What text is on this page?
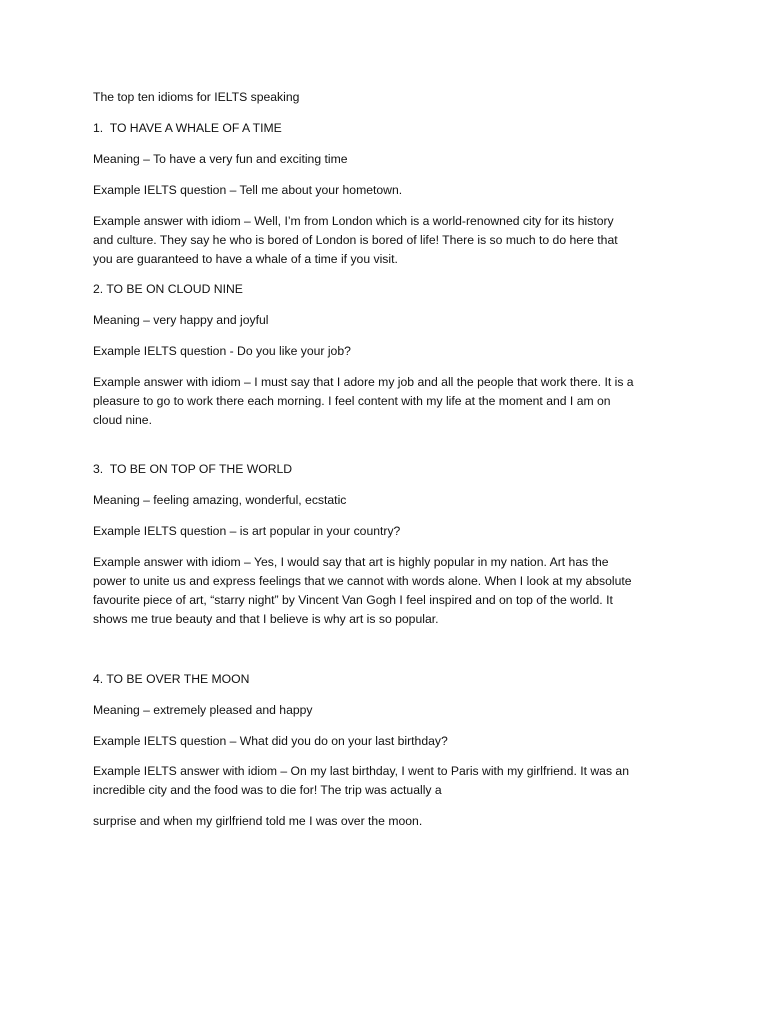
The top ten idioms for IELTS speaking

1.  TO HAVE A WHALE OF A TIME

Meaning – To have a very fun and exciting time

Example IELTS question – Tell me about your hometown.

Example answer with idiom – Well, I’m from London which is a world-renowned city for its history

and culture. They say he who is bored of London is bored of life! There is so much to do here that

you are guaranteed to have a whale of a time if you visit.

2. TO BE ON CLOUD NINE

Meaning – very happy and joyful

Example IELTS question - Do you like your job?

Example answer with idiom – I must say that I adore my job and all the people that work there. It is a

pleasure to go to work there each morning. I feel content with my life at the moment and I am on

cloud nine.

3.  TO BE ON TOP OF THE WORLD

Meaning – feeling amazing, wonderful, ecstatic

Example IELTS question – is art popular in your country?

Example answer with idiom – Yes, I would say that art is highly popular in my nation. Art has the

power to unite us and express feelings that we cannot with words alone. When I look at my absolute

favourite piece of art, “starry night” by Vincent Van Gogh I feel inspired and on top of the world. It

shows me true beauty and that I believe is why art is so popular.

4. TO BE OVER THE MOON

Meaning – extremely pleased and happy

Example IELTS question – What did you do on your last birthday?

Example IELTS answer with idiom – On my last birthday, I went to Paris with my girlfriend. It was an

incredible city and the food was to die for! The trip was actually a

surprise and when my girlfriend told me I was over the moon.
